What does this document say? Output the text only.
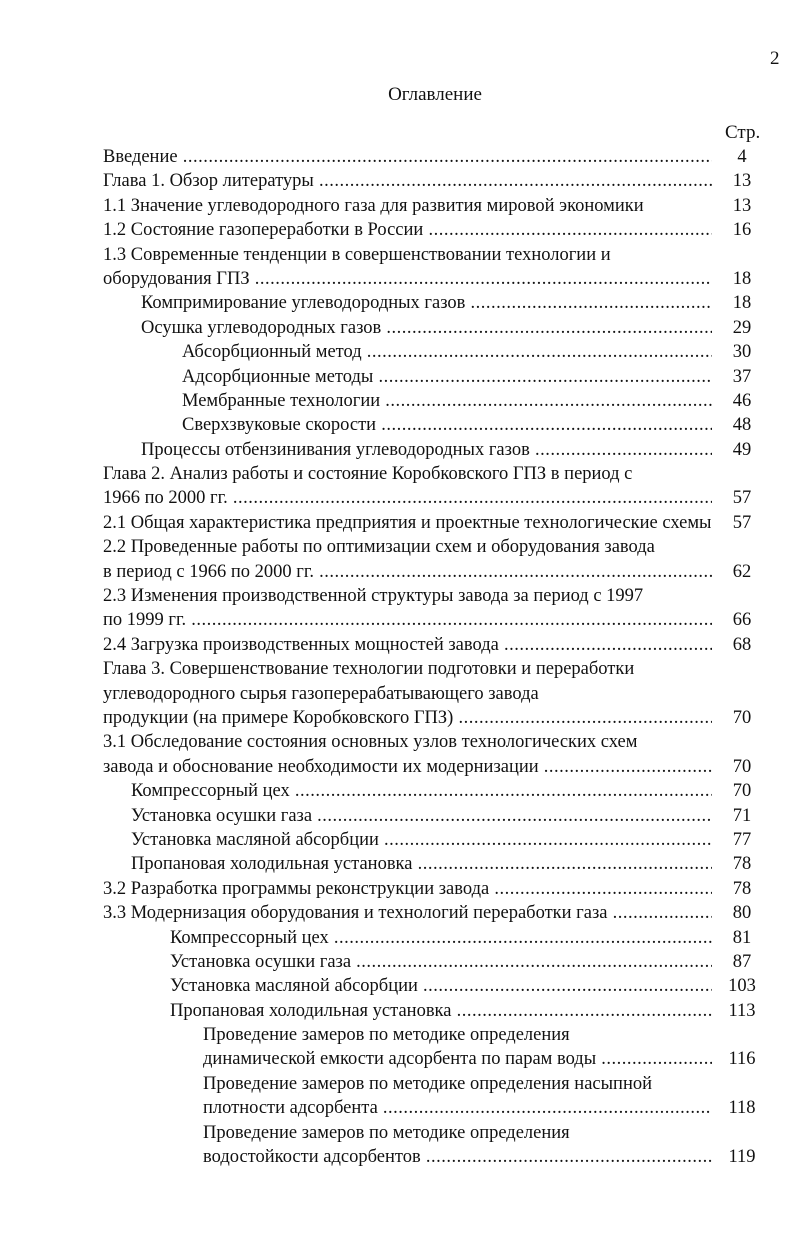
2
Оглавление
Стр.
Введение .....	4
Глава 1. Обзор литературы .....	13
1.1 Значение углеводородного газа для развития мировой экономики	13
1.2 Состояние газопереработки в России .....	16
1.3 Современные тенденции в совершенствовании технологии и
оборудования ГПЗ .....	18
Компримирование углеводородных газов .....	18
Осушка углеводородных газов .....	29
Абсорбционный метод .....	30
Адсорбционные методы .....	37
Мембранные технологии .....	46
Сверхзвуковые скорости .....	48
Процессы отбензинивания углеводородных газов .....	49
Глава 2. Анализ работы и состояние Коробковского ГПЗ в период с
1966 по 2000 гг. .....	57
2.1 Общая характеристика предприятия и проектные технологические схемы	57
2.2 Проведенные работы по оптимизации схем и оборудования завода
в период с 1966 по 2000 гг. .....	62
2.3 Изменения производственной структуры завода за период с 1997
по 1999 гг. .....	66
2.4 Загрузка производственных мощностей завода .....	68
Глава 3. Совершенствование технологии подготовки и переработки
углеводородного сырья газоперерабатывающего завода
продукции (на примере Коробковского ГПЗ) .....	70
3.1 Обследование состояния основных узлов технологических схем
завода и обоснование необходимости их модернизации .....	70
Компрессорный цех .....	70
Установка осушки газа .....	71
Установка масляной абсорбции .....	77
Пропановая холодильная установка .....	78
3.2 Разработка программы реконструкции завода .....	78
3.3 Модернизация оборудования и технологий переработки газа .....	80
Компрессорный цех .....	81
Установка осушки газа .....	87
Установка масляной абсорбции .....	103
Пропановая холодильная установка .....	113
Проведение замеров по методике определения
динамической емкости адсорбента по парам воды .....	116
Проведение замеров по методике определения насыпной
плотности адсорбента .....	118
Проведение замеров по методике определения
водостойкости адсорбентов .....	119
